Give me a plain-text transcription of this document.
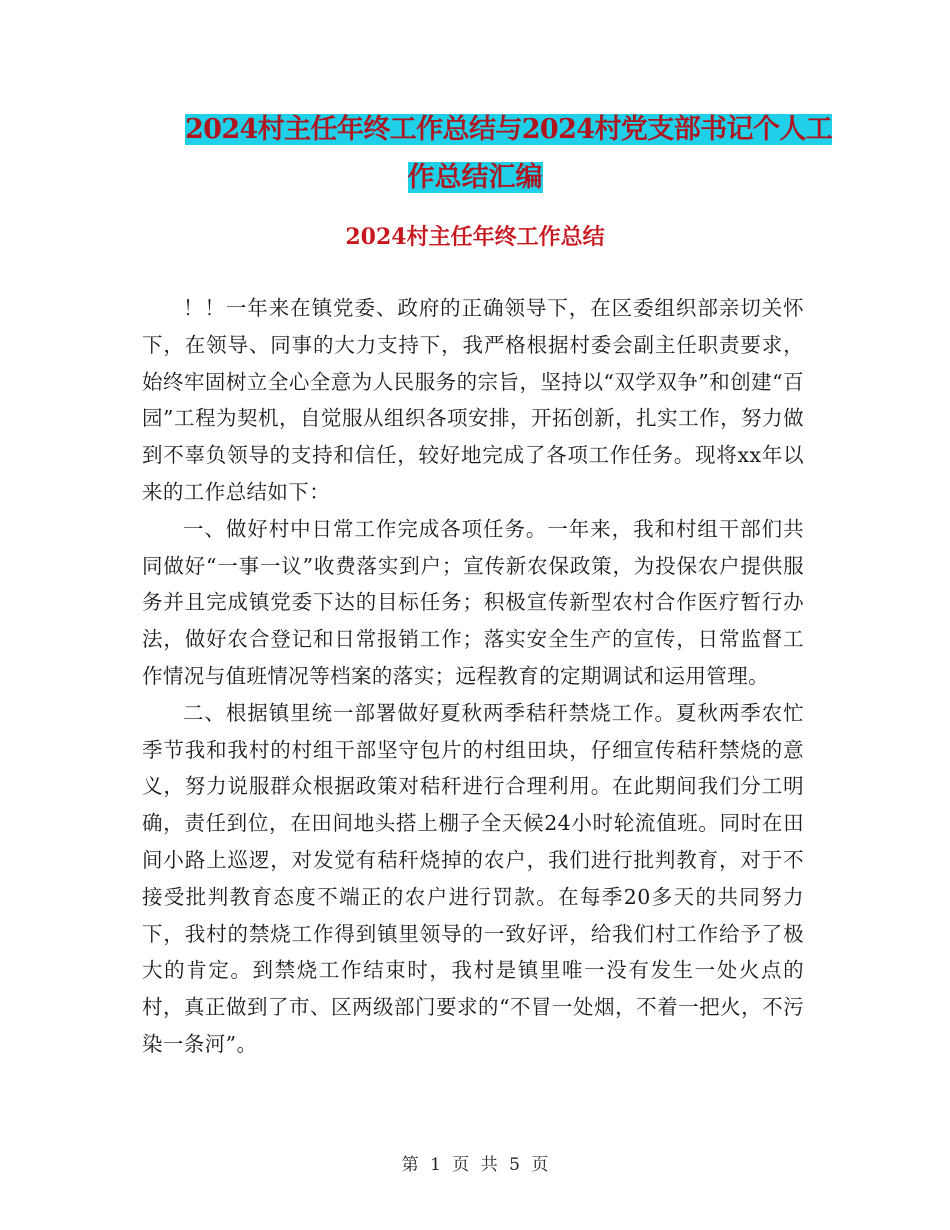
2024村主任年终工作总结与2024村党支部书记个人工
作总结汇编
2024村主任年终工作总结

！！一年来在镇党委、政府的正确领导下，在区委组织部亲切关怀下，在领导、同事的大力支持下，我严格根据村委会副主任职责要求，始终牢固树立全心全意为人民服务的宗旨，坚持以“双学双争”和创建“百园”工程为契机，自觉服从组织各项安排，开拓创新，扎实工作，努力做到不辜负领导的支持和信任，较好地完成了各项工作任务。现将xx年以来的工作总结如下：

一、做好村中日常工作完成各项任务。一年来，我和村组干部们共同做好“一事一议”收费落实到户；宣传新农保政策，为投保农户提供服务并且完成镇党委下达的目标任务；积极宣传新型农村合作医疗暂行办法，做好农合登记和日常报销工作；落实安全生产的宣传，日常监督工作情况与值班情况等档案的落实；远程教育的定期调试和运用管理。

二、根据镇里统一部署做好夏秋两季秸秆禁烧工作。夏秋两季农忙季节我和我村的村组干部坚守包片的村组田块，仔细宣传秸秆禁烧的意义，努力说服群众根据政策对秸秆进行合理利用。在此期间我们分工明确，责任到位，在田间地头搭上棚子全天候24小时轮流值班。同时在田间小路上巡逻，对发觉有秸秆烧掉的农户，我们进行批判教育，对于不接受批判教育态度不端正的农户进行罚款。在每季20多天的共同努力下，我村的禁烧工作得到镇里领导的一致好评，给我们村工作给予了极大的肯定。到禁烧工作结束时，我村是镇里唯一没有发生一处火点的村，真正做到了市、区两级部门要求的“不冒一处烟，不着一把火，不污染一条河”。

第 1 页 共 5 页
